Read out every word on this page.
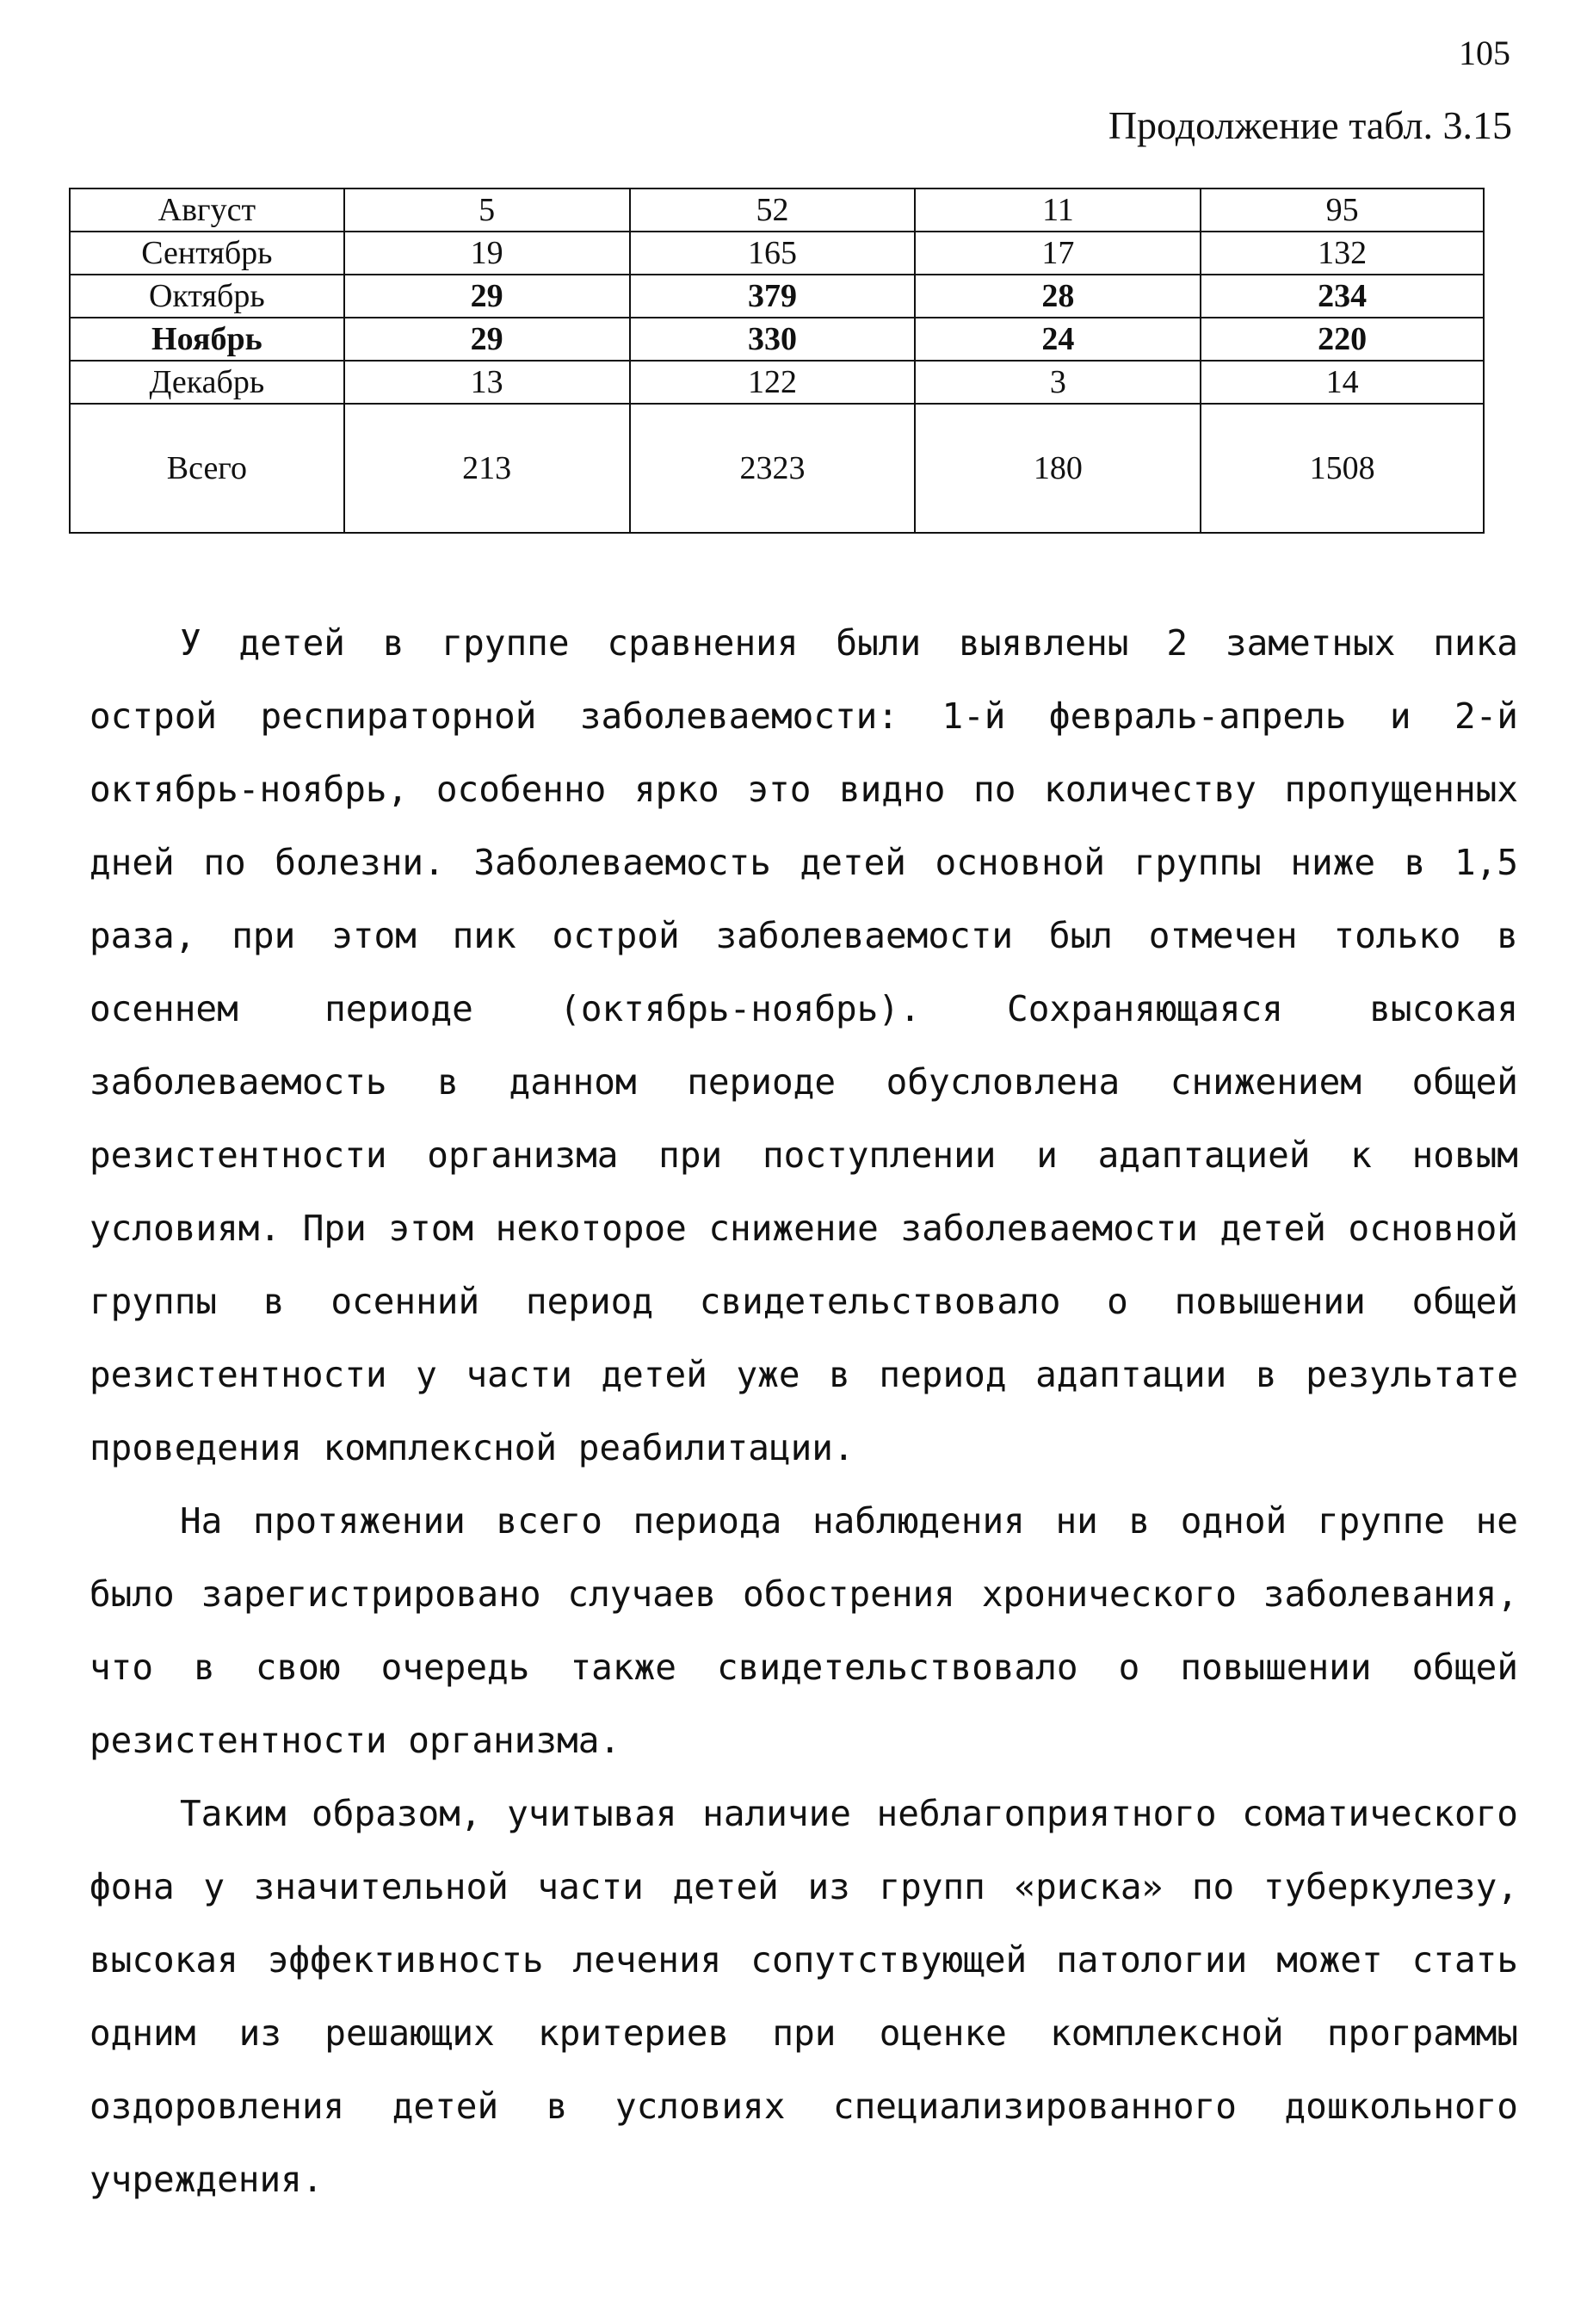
105
Продолжение табл. 3.15
Август	5	52	11	95
Сентябрь	19	165	17	132
Октябрь	29	379	28	234
Ноябрь	29	330	24	220
Декабрь	13	122	3	14
Всего	213	2323	180	1508

У детей в группе сравнения были выявлены 2 заметных пика острой респираторной заболеваемости: 1-й февраль-апрель и 2-й октябрь-ноябрь, особенно ярко это видно по количеству пропущенных дней по болезни. Заболеваемость детей основной группы ниже в 1,5 раза, при этом пик острой заболеваемости был отмечен только в осеннем периоде (октябрь-ноябрь). Сохраняющаяся высокая заболеваемость в данном периоде обусловлена снижением общей резистентности организма при поступлении и адаптацией к новым условиям. При этом некоторое снижение заболеваемости детей основной группы в осенний период свидетельствовало о повышении общей резистентности у части детей уже в период адаптации в результате проведения комплексной реабилитации.

На протяжении всего периода наблюдения ни в одной группе не было зарегистрировано случаев обострения хронического заболевания, что в свою очередь также свидетельствовало о повышении общей резистентности организма.

Таким образом, учитывая наличие неблагоприятного соматического фона у значительной части детей из групп «риска» по туберкулезу, высокая эффективность лечения сопутствующей патологии может стать одним из решающих критериев при оценке комплексной программы оздоровления детей в условиях специализированного дошкольного учреждения.
